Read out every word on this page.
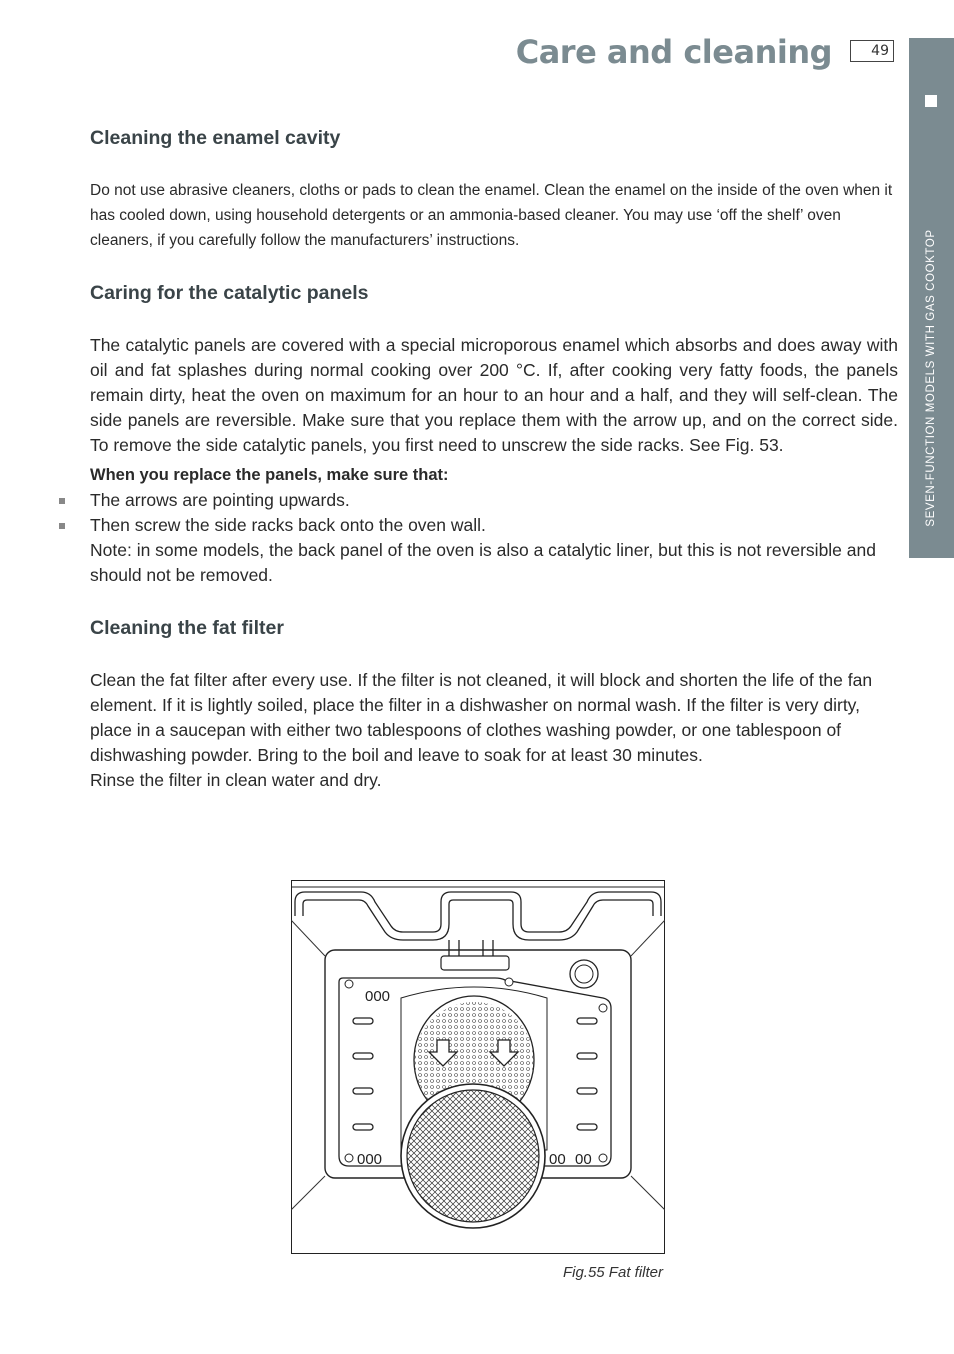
Care and cleaning	49
SEVEN-FUNCTION MODELS WITH GAS COOKTOP
Cleaning the enamel cavity

Do not use abrasive cleaners, cloths or pads to clean the enamel. Clean the enamel on the inside of the oven when it has cooled down, using household detergents or an ammonia-based cleaner. You may use ‘off the shelf’ oven cleaners, if you carefully follow the manufacturers’ instructions.

Caring for the catalytic panels

The catalytic panels are covered with a special microporous enamel which absorbs and does away with oil and fat splashes during normal cooking over 200 °C. If, after cooking very fatty foods, the panels remain dirty, heat the oven on maximum for an hour to an hour and a half, and they will self-clean. The side panels are reversible. Make sure that you replace them with the arrow up, and on the correct side. To remove the side catalytic panels, you first need to unscrew the side racks. See Fig. 53.

When you replace the panels, make sure that:

The arrows are pointing upwards.
Then screw the side racks back onto the oven wall.

Note: in some models, the back panel of the oven is also a catalytic liner, but this is not reversible and should not be removed.

Cleaning the fat filter

Clean the fat filter after every use. If the filter is not cleaned, it will block and shorten the life of the fan element. If it is lightly soiled, place the filter in a dishwasher on normal wash. If the filter is very dirty, place in a saucepan with either two tablespoons of clothes washing powder, or one tablespoon of dishwashing powder. Bring to the boil and leave to soak for at least 30 minutes.

Rinse the filter in clean water and dry.

000
000	00 00
Fig.55 Fat filter
